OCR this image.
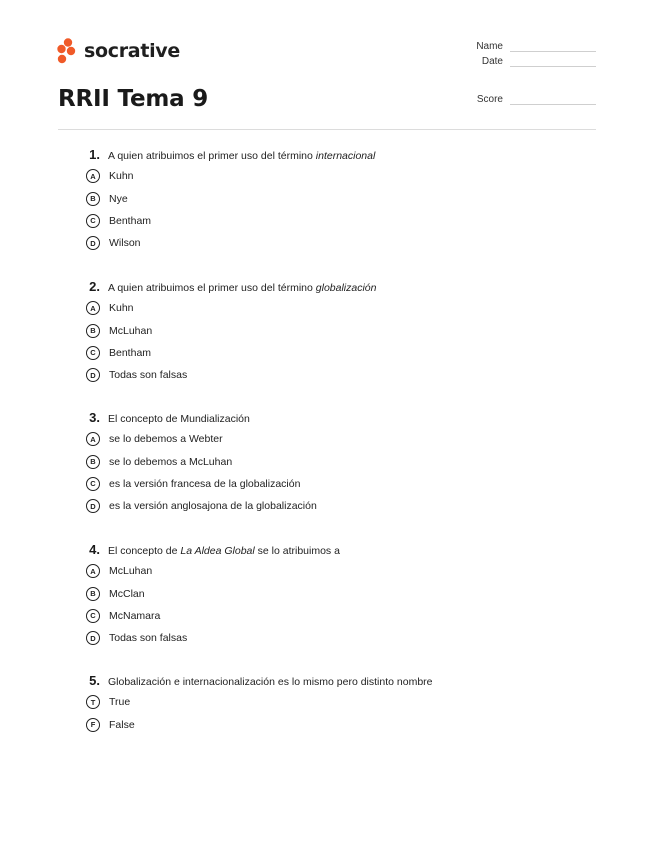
socrative	Name
Date
Score
RRII Tema 9
1. A quien atribuimos el primer uso del término internacional
A	Kuhn
B	Nye
C	Bentham
D	Wilson
2. A quien atribuimos el primer uso del término globalización
A	Kuhn
B	McLuhan
C	Bentham
D	Todas son falsas
3. El concepto de Mundialización
A	se lo debemos a Webter
B	se lo debemos a McLuhan
C	es la versión francesa de la globalización
D	es la versión anglosajona de la globalización
4. El concepto de La Aldea Global se lo atribuimos a
A	McLuhan
B	McClan
C	McNamara
D	Todas son falsas
5. Globalización e internacionalización es lo mismo pero distinto nombre
T	True
F	False
